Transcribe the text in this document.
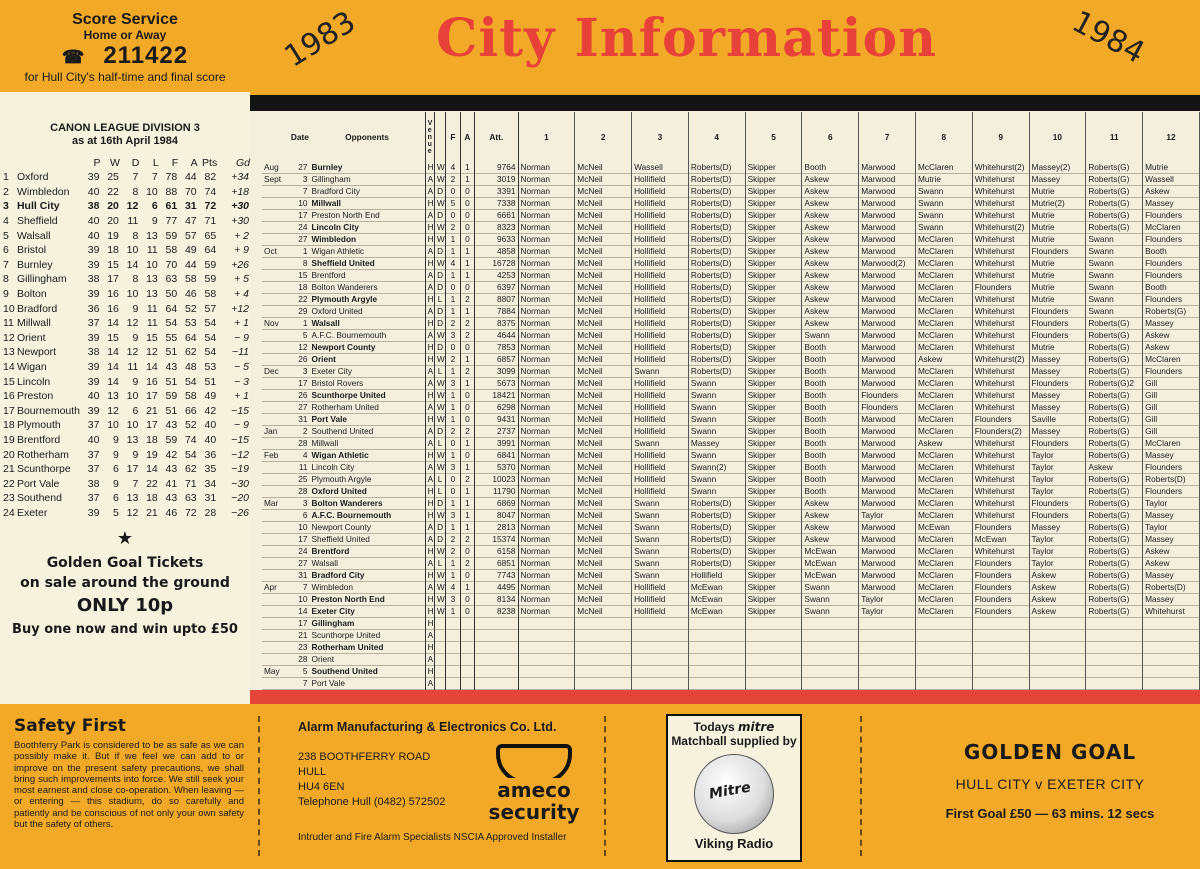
Score Service
Home or Away
☎ 211422
for Hull City's half-time and final score
1983 City Information	1984
CANON LEAGUE DIVISION 3
as at 16th April 1984
		P	W	D	L	F	A	Pts	Gd
1	Oxford	39	25	7	7	78	44	82	+34
2	Wimbledon	40	22	8	10	88	70	74	+18
3	Hull City	38	20	12	6	61	31	72	+30
4	Sheffield	40	20	11	9	77	47	71	+30
5	Walsall	40	19	8	13	59	57	65	+ 2
6	Bristol	39	18	10	11	58	49	64	+ 9
7	Burnley	39	15	14	10	70	44	59	+26
8	Gillingham	38	17	8	13	63	58	59	+ 5
9	Bolton	39	16	10	13	50	46	58	+ 4
10	Bradford	36	16	9	11	64	52	57	+12
11	Millwall	37	14	12	11	54	53	54	+ 1
12	Orient	39	15	9	15	55	64	54	− 9
13	Newport	38	14	12	12	51	62	54	−11
14	Wigan	39	14	11	14	43	48	53	− 5
15	Lincoln	39	14	9	16	51	54	51	− 3
16	Preston	40	13	10	17	59	58	49	+ 1
17	Bournemouth	39	12	6	21	51	66	42	−15
18	Plymouth	37	10	10	17	43	52	40	− 9
19	Brentford	40	9	13	18	59	74	40	−15
20	Rotherham	37	9	9	19	42	54	36	−12
21	Scunthorpe	37	6	17	14	43	62	35	−19
22	Port Vale	38	9	7	22	41	71	34	−30
23	Southend	37	6	13	18	43	63	31	−20
24	Exeter	39	5	12	21	46	72	28	−26
★
Golden Goal Tickets
on sale around the ground
ONLY 10p
Buy one now and win upto £50
	Date	Opponents	V e n u e		F	A	Att.	1	2	3	4	5	6	7	8	9	10	11	12
Aug	27	Burnley	H	W	4	1	9764	Norman	McNeil	Wassell	Roberts(D)	Skipper	Booth	Marwood	McClaren	Whitehurst(2)	Massey(2)	Roberts(G)	Mutrie
Sept	3	Gillingham	A	W	2	1	3019	Norman	McNeil	Hollifield	Roberts(D)	Skipper	Askew	Marwood	Mutrie	Whitehurst	Massey	Roberts(G)	Wassell
	7	Bradford City	A	D	0	0	3391	Norman	McNeil	Hollifield	Roberts(D)	Skipper	Askew	Marwood	Swann	Whitehurst	Mutrie	Roberts(G)	Askew
	10	Millwall	H	W	5	0	7338	Norman	McNeil	Hollifield	Roberts(D)	Skipper	Askew	Marwood	Swann	Whitehurst	Mutrie(2)	Roberts(G)	Massey
	17	Preston North End	A	D	0	0	6661	Norman	McNeil	Hollifield	Roberts(D)	Skipper	Askew	Marwood	Swann	Whitehurst	Mutrie	Roberts(G)	Flounders
	24	Lincoln City	H	W	2	0	8323	Norman	McNeil	Hollifield	Roberts(D)	Skipper	Askew	Marwood	Swann	Whitehurst(2)	Mutrie	Roberts(G)	McClaren
	27	Wimbledon	H	W	1	0	9633	Norman	McNeil	Hollifield	Roberts(D)	Skipper	Askew	Marwood	McClaren	Whitehurst	Mutrie	Swann	Flounders
Oct	1	Wigan Athletic	A	D	1	1	4858	Norman	McNeil	Hollifield	Roberts(D)	Skipper	Askew	Marwood	McClaren	Whitehurst	Flounders	Swann	Booth
	8	Sheffield United	H	W	4	1	16728	Norman	McNeil	Hollifield	Roberts(D)	Skipper	Askew	Marwood(2)	McClaren	Whitehurst	Mutrie	Swann	Flounders
	15	Brentford	A	D	1	1	4253	Norman	McNeil	Hollifield	Roberts(D)	Skipper	Askew	Marwood	McClaren	Whitehurst	Mutrie	Swann	Flounders
	18	Bolton Wanderers	A	D	0	0	6397	Norman	McNeil	Hollifield	Roberts(D)	Skipper	Askew	Marwood	McClaren	Flounders	Mutrie	Swann	Booth
	22	Plymouth Argyle	H	L	1	2	8807	Norman	McNeil	Hollifield	Roberts(D)	Skipper	Askew	Marwood	McClaren	Whitehurst	Mutrie	Swann	Flounders
	29	Oxford United	A	D	1	1	7884	Norman	McNeil	Hollifield	Roberts(D)	Skipper	Askew	Marwood	McClaren	Whitehurst	Flounders	Swann	Roberts(G)
Nov	1	Walsall	H	D	2	2	8375	Norman	McNeil	Hollifield	Roberts(D)	Skipper	Askew	Marwood	McClaren	Whitehurst	Flounders	Roberts(G)	Massey
	5	A.F.C. Bournemouth	A	W	3	2	4644	Norman	McNeil	Hollifield	Roberts(D)	Skipper	Swann	Marwood	McClaren	Whitehurst	Flounders	Roberts(G)	Askew
	12	Newport County	H	D	0	0	7853	Norman	McNeil	Hollifield	Roberts(D)	Skipper	Booth	Marwood	McClaren	Whitehurst	Mutrie	Roberts(G)	Askew
	26	Orient	H	W	2	1	6857	Norman	McNeil	Hollifield	Roberts(D)	Skipper	Booth	Marwood	Askew	Whitehurst(2)	Massey	Roberts(G)	McClaren
Dec	3	Exeter City	A	L	1	2	3099	Norman	McNeil	Swann	Roberts(D)	Skipper	Booth	Marwood	McClaren	Whitehurst	Massey	Roberts(G)	Flounders
	17	Bristol Rovers	A	W	3	1	5673	Norman	McNeil	Hollifield	Swann	Skipper	Booth	Marwood	McClaren	Whitehurst	Flounders	Roberts(G)2	Gill
	26	Scunthorpe United	H	W	1	0	18421	Norman	McNeil	Hollifield	Swann	Skipper	Booth	Flounders	McClaren	Whitehurst	Massey	Roberts(G)	Gill
	27	Rotherham United	A	W	1	0	6298	Norman	McNeil	Hollifield	Swann	Skipper	Booth	Flounders	McClaren	Whitehurst	Massey	Roberts(G)	Gill
	31	Port Vale	H	W	1	0	9431	Norman	McNeil	Hollifield	Swann	Skipper	Booth	Marwood	McClaren	Flounders	Saville	Roberts(G)	Gill
Jan	2	Southend United	A	D	2	2	2737	Norman	McNeil	Hollifield	Swann	Skipper	Booth	Marwood	McClaren	Flounders(2)	Massey	Roberts(G)	Gill
	28	Millwall	A	L	0	1	3991	Norman	McNeil	Swann	Massey	Skipper	Booth	Marwood	Askew	Whitehurst	Flounders	Roberts(G)	McClaren
Feb	4	Wigan Athletic	H	W	1	0	6841	Norman	McNeil	Hollifield	Swann	Skipper	Booth	Marwood	McClaren	Whitehurst	Taylor	Roberts(G)	Massey
	11	Lincoln City	A	W	3	1	5370	Norman	McNeil	Hollifield	Swann(2)	Skipper	Booth	Marwood	McClaren	Whitehurst	Taylor	Askew	Flounders
	25	Plymouth Argyle	A	L	0	2	10023	Norman	McNeil	Hollifield	Swann	Skipper	Booth	Marwood	McClaren	Whitehurst	Taylor	Roberts(G)	Roberts(D)
	28	Oxford United	H	L	0	1	11790	Norman	McNeil	Hollifield	Swann	Skipper	Booth	Marwood	McClaren	Whitehurst	Taylor	Roberts(G)	Flounders
Mar	3	Bolton Wanderers	H	D	1	1	6869	Norman	McNeil	Swann	Roberts(D)	Skipper	Askew	Marwood	McClaren	Whitehurst	Flounders	Roberts(G)	Taylor
	6	A.F.C. Bournemouth	H	W	3	1	8047	Norman	McNeil	Swann	Roberts(D)	Skipper	Askew	Taylor	McClaren	Whitehurst	Flounders	Roberts(G)	Massey
	10	Newport County	A	D	1	1	2813	Norman	McNeil	Swann	Roberts(D)	Skipper	Askew	Marwood	McEwan	Flounders	Massey	Roberts(G)	Taylor
	17	Sheffield United	A	D	2	2	15374	Norman	McNeil	Swann	Roberts(D)	Skipper	Askew	Marwood	McClaren	McEwan	Taylor	Roberts(G)	Massey
	24	Brentford	H	W	2	0	6158	Norman	McNeil	Swann	Roberts(D)	Skipper	McEwan	Marwood	McClaren	Whitehurst	Taylor	Roberts(G)	Askew
	27	Walsall	A	L	1	2	6851	Norman	McNeil	Swann	Roberts(D)	Skipper	McEwan	Marwood	McClaren	Flounders	Taylor	Roberts(G)	Askew
	31	Bradford City	H	W	1	0	7743	Norman	McNeil	Swann	Hollifield	Skipper	McEwan	Marwood	McClaren	Flounders	Askew	Roberts(G)	Massey
Apr	7	Wimbledon	A	W	4	1	4495	Norman	McNeil	Hollifield	McEwan	Skipper	Swann	Marwood	McClaren	Flounders	Askew	Roberts(G)	Roberts(D)
	10	Preston North End	H	W	3	0	8134	Norman	McNeil	Hollifield	McEwan	Skipper	Swann	Taylor	McClaren	Flounders	Askew	Roberts(G)	Massey
	14	Exeter City	H	W	1	0	8238	Norman	McNeil	Hollifield	McEwan	Skipper	Swann	Taylor	McClaren	Flounders	Askew	Roberts(G)	Whitehurst
	17	Gillingham	H																
	21	Scunthorpe United	A																
	23	Rotherham United	H																
	28	Orient	A																
May	5	Southend United	H																
	7	Port Vale	A																

Safety First
Boothferry Park is considered to be as safe as we can possibly make it. But if we feel we can add to or improve on the present safety precautions, we shall bring such improvements into force. We still seek your most earnest and close co-operation. When leaving — or entering — this stadium, do so carefully and patiently and be conscious of not only your own safety but the safety of others.
Alarm Manufacturing & Electronics Co. Ltd.
238 BOOTHFERRY ROAD
HULL
HU4 6EN
Telephone Hull (0482) 572502
Intruder and Fire Alarm Specialists NSCIA Approved Installer
ameco
security
Todays mitre
Matchball supplied by
Mitre
Viking Radio
GOLDEN GOAL
HULL CITY v EXETER CITY
First Goal £50 — 63 mins. 12 secs
